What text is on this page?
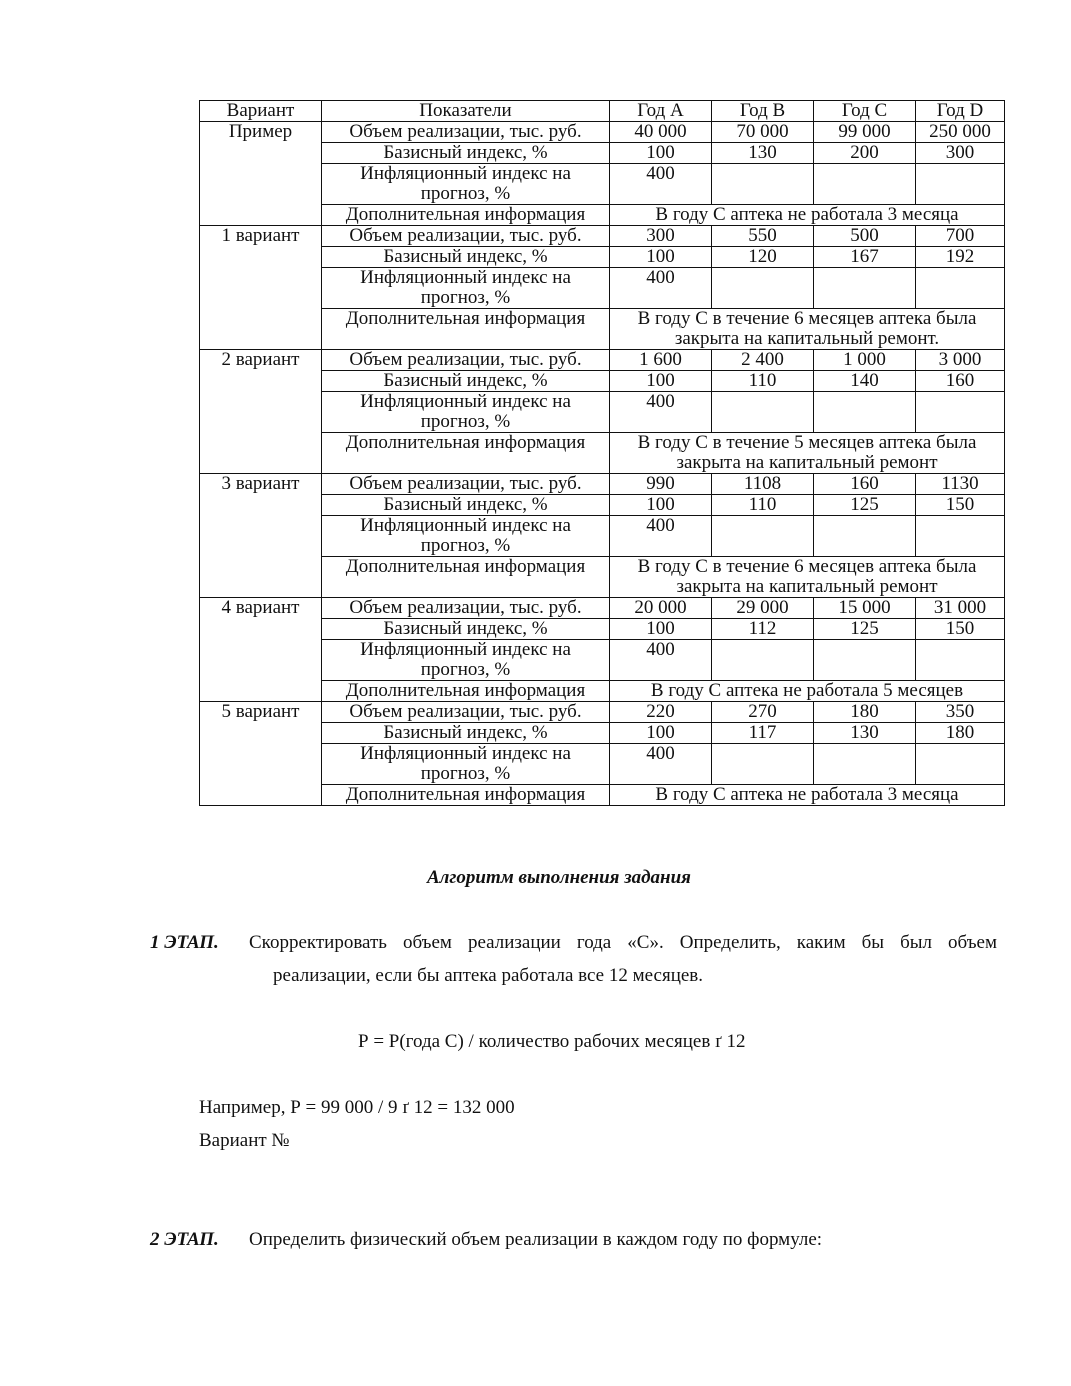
Вариант	Показатели	Год А	Год В	Год С	Год D
Пример	Объем реализации, тыс. руб.	40 000	70 000	99 000	250 000
	Базисный индекс, %	100	130	200	300
	Инфляционный индекс на прогноз, %	400			
	Дополнительная информация	В году С аптека не работала 3 месяца			
1 вариант	Объем реализации, тыс. руб.	300	550	500	700
	Базисный индекс, %	100	120	167	192
	Инфляционный индекс на прогноз, %	400			
	Дополнительная информация	В году С в течение 6 месяцев аптека была закрыта на капитальный ремонт.			
2 вариант	Объем реализации, тыс. руб.	1 600	2 400	1 000	3 000
	Базисный индекс, %	100	110	140	160
	Инфляционный индекс на прогноз, %	400			
	Дополнительная информация	В году С в течение 5 месяцев аптека была закрыта на капитальный ремонт			
3 вариант	Объем реализации, тыс. руб.	990	1108	160	1130
	Базисный индекс, %	100	110	125	150
	Инфляционный индекс на прогноз, %	400			
	Дополнительная информация	В году С в течение 6 месяцев аптека была закрыта на капитальный ремонт			
4 вариант	Объем реализации, тыс. руб.	20 000	29 000	15 000	31 000
	Базисный индекс, %	100	112	125	150
	Инфляционный индекс на прогноз, %	400			
	Дополнительная информация	В году С аптека не работала 5 месяцев			
5 вариант	Объем реализации, тыс. руб.	220	270	180	350
	Базисный индекс, %	100	117	130	180
	Инфляционный индекс на прогноз, %	400			
	Дополнительная информация	В году С аптека не работала 3 месяца			

Алгоритм выполнения задания

1 ЭТАП. Скорректировать объем реализации года «С». Определить, каким бы был объем

реализации, если бы аптека работала все 12 месяцев.

Р = Р(года С) / количество рабочих месяцев ґ 12

Например, Р = 99 000 / 9 ґ 12 = 132 000

Вариант №

2 ЭТАП. Определить физический объем реализации в каждом году по формуле:
